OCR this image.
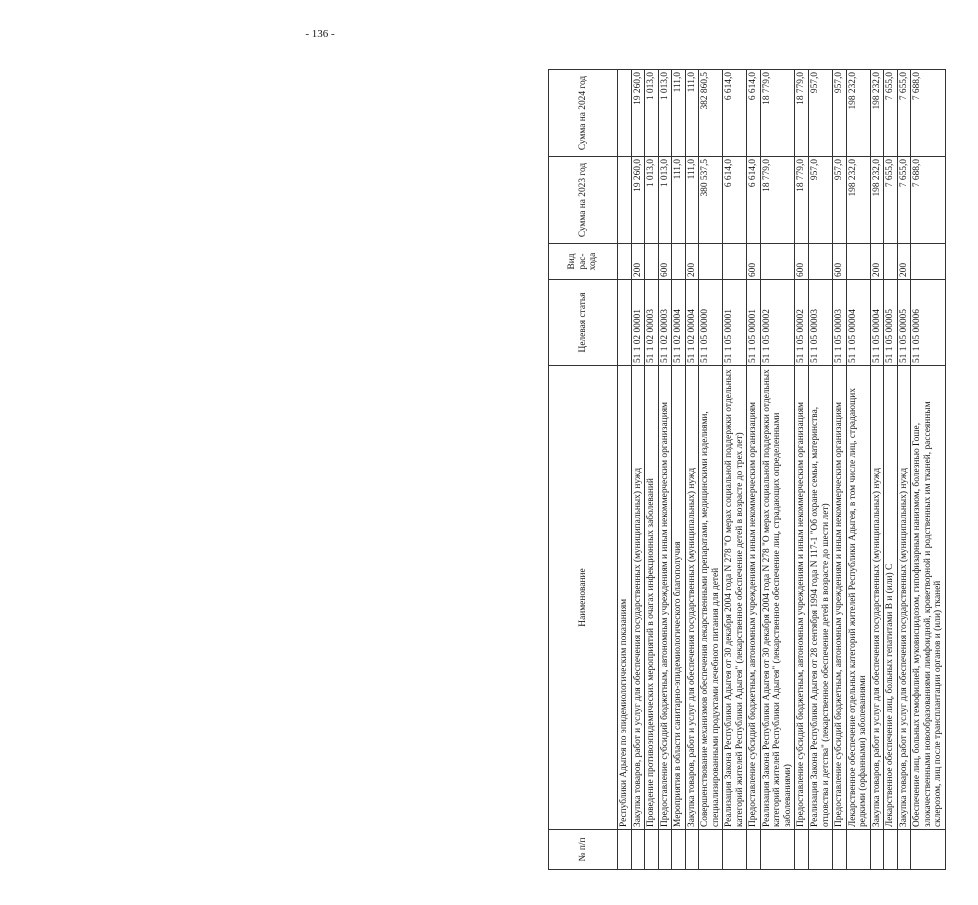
- 136 -
№ п/п	Наименование	Целевая статья	Вид рас-хода	Сумма на 2023 год	Сумма на 2024 год
	Республики Адыгея по эпидемиологическим показаниям				
	Закупка товаров, работ и услуг для обеспечения государственных (муниципальных) нужд	51 1 02 00001	200	19 260,0	19 260,0
	Проведение противоэпидемических мероприятий в очагах инфекционных заболеваний	51 1 02 00003		1 013,0	1 013,0
	Предоставление субсидий бюджетным, автономным учреждениям и иным некоммерческим организациям	51 1 02 00003	600	1 013,0	1 013,0
	Мероприятия в области санитарно-эпидемиологического благополучия	51 1 02 00004		111,0	111,0
	Закупка товаров, работ и услуг для обеспечения государственных (муниципальных) нужд	51 1 02 00004	200	111,0	111,0
	Совершенствование механизмов обеспечения лекарственными препаратами, медицинскими изделиями, специализированными продуктами лечебного питания для детей	51 1 05 00000		380 537,5	382 860,5
	Реализация Закона Республики Адыгея от 30 декабря 2004 года N 278 "О мерах социальной поддержки отдельных категорий жителей Республики Адыгея" (лекарственное обеспечение детей в возрасте до трех лет)	51 1 05 00001		6 614,0	6 614,0
	Предоставление субсидий бюджетным, автономным учреждениям и иным некоммерческим организациям	51 1 05 00001	600	6 614,0	6 614,0
	Реализация Закона Республики Адыгея от 30 декабря 2004 года N 278 "О мерах социальной поддержки отдельных категорий жителей Республики Адыгея" (лекарственное обеспечение лиц, страдающих определенными заболеваниями)	51 1 05 00002		18 779,0	18 779,0
	Предоставление субсидий бюджетным, автономным учреждениям и иным некоммерческим организациям	51 1 05 00002	600	18 779,0	18 779,0
	Реализация Закона Республики Адыгея от 28 сентября 1994 года N 117-1 "Об охране семьи, материнства, отцовства и детства" (лекарственное обеспечение детей в возрасте до шести лет)	51 1 05 00003		957,0	957,0
	Предоставление субсидий бюджетным, автономным учреждениям и иным некоммерческим организациям	51 1 05 00003	600	957,0	957,0
	Лекарственное обеспечение отдельных категорий жителей Республики Адыгея, в том числе лиц, страдающих редкими (орфанными) заболеваниями	51 1 05 00004		198 232,0	198 232,0
	Закупка товаров, работ и услуг для обеспечения государственных (муниципальных) нужд	51 1 05 00004	200	198 232,0	198 232,0
	Лекарственное обеспечение лиц, больных гепатитами В и (или) С	51 1 05 00005		7 655,0	7 655,0
	Закупка товаров, работ и услуг для обеспечения государственных (муниципальных) нужд	51 1 05 00005	200	7 655,0	7 655,0
	Обеспечение лиц, больных гемофилией, муковисцидозом, гипофизарным нанизмом, болезнью Гоше, злокачественными новообразованиями лимфоидной, кроветворной и родственных им тканей, рассеянным склерозом, лиц после трансплантации органов и (или) тканей	51 1 05 00006		7 688,0	7 688,0
